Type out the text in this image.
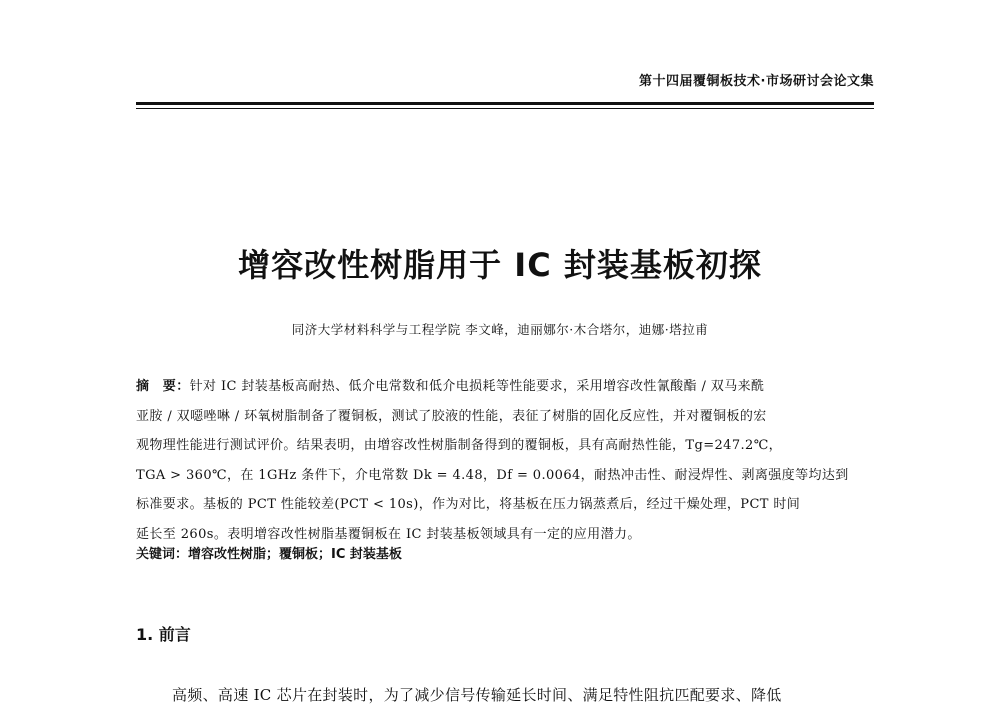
第十四届覆铜板技术·市场研讨会论文集
增容改性树脂用于 IC 封装基板初探
同济大学材料科学与工程学院 李文峰，迪丽娜尔·木合塔尔，迪娜·塔拉甫
摘　要：针对 IC 封装基板高耐热、低介电常数和低介电损耗等性能要求，采用增容改性氰酸酯 / 双马来酰
亚胺 / 双噁唑啉 / 环氧树脂制备了覆铜板，测试了胶液的性能，表征了树脂的固化反应性，并对覆铜板的宏
观物理性能进行测试评价。结果表明，由增容改性树脂制备得到的覆铜板，具有高耐热性能，Tg=247.2℃，
TGA > 360℃，在 1GHz 条件下，介电常数 Dk = 4.48，Df = 0.0064，耐热冲击性、耐浸焊性、剥离强度等均达到
标准要求。基板的 PCT 性能较差(PCT < 10s)，作为对比，将基板在压力锅蒸煮后，经过干燥处理，PCT 时间
延长至 260s。表明增容改性树脂基覆铜板在 IC 封装基板领域具有一定的应用潜力。
关键词：增容改性树脂；覆铜板；IC 封装基板
1. 前言
高频、高速 IC 芯片在封装时，为了减少信号传输延长时间、满足特性阻抗匹配要求、降低
